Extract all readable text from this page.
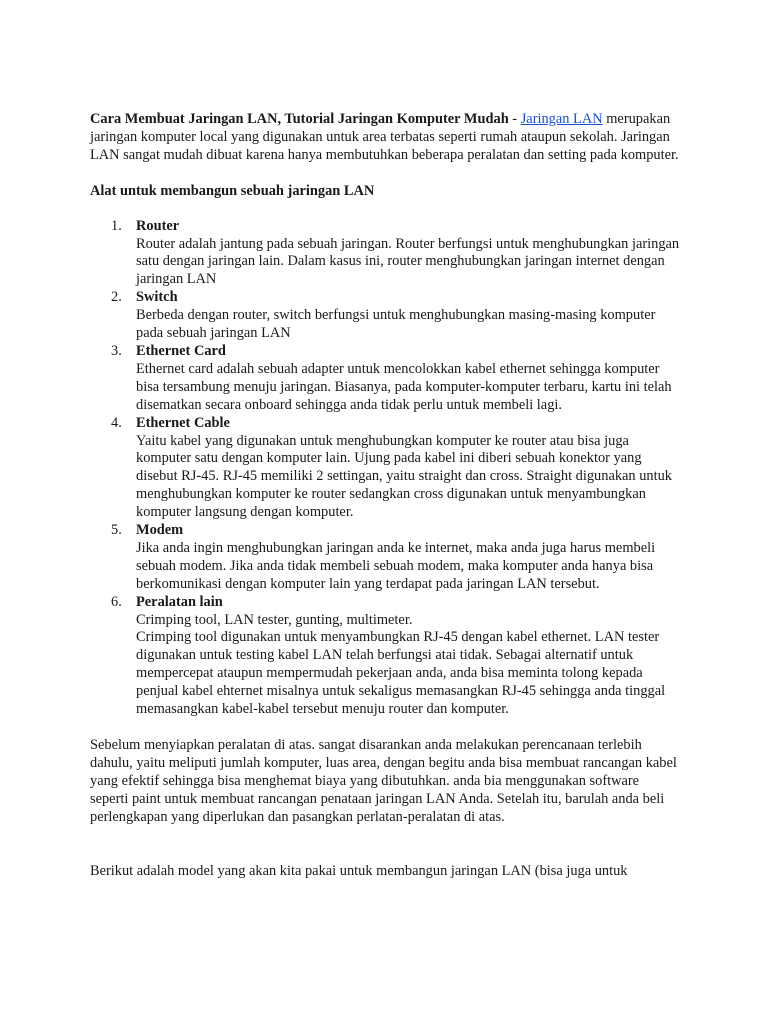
Cara Membuat Jaringan LAN, Tutorial Jaringan Komputer Mudah - Jaringan LAN merupakan jaringan komputer local yang digunakan untuk area terbatas seperti rumah ataupun sekolah. Jaringan LAN sangat mudah dibuat karena hanya membutuhkan beberapa peralatan dan setting pada komputer.

Alat untuk membangun sebuah jaringan LAN

1. Router
Router adalah jantung pada sebuah jaringan. Router berfungsi untuk menghubungkan jaringan satu dengan jaringan lain. Dalam kasus ini, router menghubungkan jaringan internet dengan jaringan LAN
2. Switch
Berbeda dengan router, switch berfungsi untuk menghubungkan masing-masing komputer pada sebuah jaringan LAN
3. Ethernet Card
Ethernet card adalah sebuah adapter untuk mencolokkan kabel ethernet sehingga komputer bisa tersambung menuju jaringan. Biasanya, pada komputer-komputer terbaru, kartu ini telah disematkan secara onboard sehingga anda tidak perlu untuk membeli lagi.
4. Ethernet Cable
Yaitu kabel yang digunakan untuk menghubungkan komputer ke router atau bisa juga komputer satu dengan komputer lain. Ujung pada kabel ini diberi sebuah konektor yang disebut RJ-45. RJ-45 memiliki 2 settingan, yaitu straight dan cross. Straight digunakan untuk menghubungkan komputer ke router sedangkan cross digunakan untuk menyambungkan komputer langsung dengan komputer.
5. Modem
Jika anda ingin menghubungkan jaringan anda ke internet, maka anda juga harus membeli sebuah modem. Jika anda tidak membeli sebuah modem, maka komputer anda hanya bisa berkomunikasi dengan komputer lain yang terdapat pada jaringan LAN tersebut.
6. Peralatan lain
Crimping tool, LAN tester, gunting, multimeter.
Crimping tool digunakan untuk menyambungkan RJ-45 dengan kabel ethernet. LAN tester digunakan untuk testing kabel LAN telah berfungsi atai tidak. Sebagai alternatif untuk mempercepat ataupun mempermudah pekerjaan anda, anda bisa meminta tolong kepada penjual kabel ehternet misalnya untuk sekaligus memasangkan RJ-45 sehingga anda tinggal memasangkan kabel-kabel tersebut menuju router dan komputer.

Sebelum menyiapkan peralatan di atas. sangat disarankan anda melakukan perencanaan terlebih dahulu, yaitu meliputi jumlah komputer, luas area, dengan begitu anda bisa membuat rancangan kabel yang efektif sehingga bisa menghemat biaya yang dibutuhkan. anda bia menggunakan software seperti paint untuk membuat rancangan penataan jaringan LAN Anda. Setelah itu, barulah anda beli perlengkapan yang diperlukan dan pasangkan perlatan-peralatan di atas.

Berikut adalah model yang akan kita pakai untuk membangun jaringan LAN (bisa juga untuk
